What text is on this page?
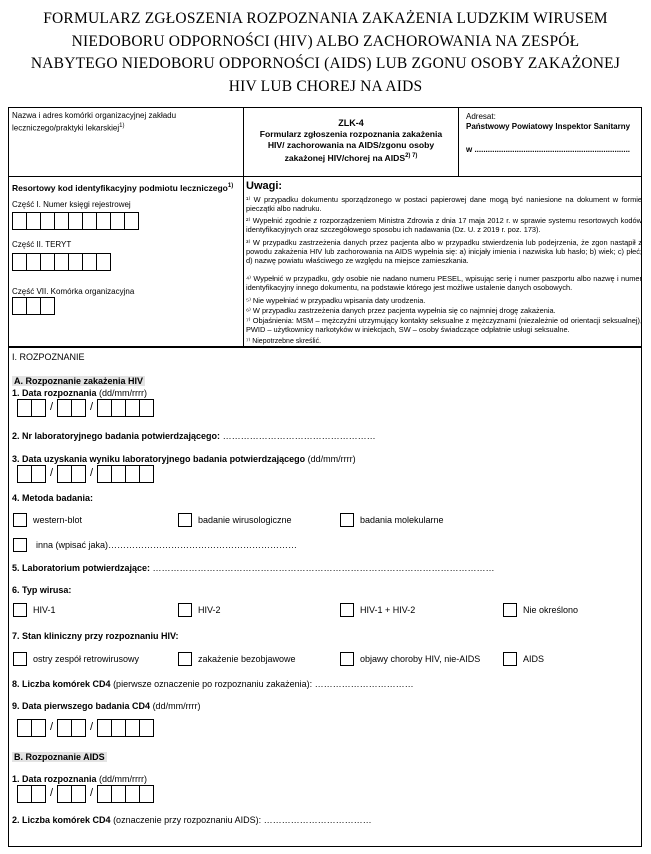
FORMULARZ ZGŁOSZENIA ROZPOZNANIA ZAKAŻENIA LUDZKIM WIRUSEM
NIEDOBORU ODPORNOŚCI (HIV) ALBO ZACHOROWANIA NA ZESPÓŁ
NABYTEGO NIEDOBORU ODPORNOŚCI (AIDS) LUB ZGONU OSOBY ZAKAŻONEJ
HIV LUB CHOREJ NA AIDS
Nazwa i adres komórki organizacyjnej zakładu leczniczego/praktyki lekarskiej$^{1)}$	ZLK-4
Formularz zgłoszenia rozpoznania zakażenia HIV/ zachorowania na AIDS/zgonu osoby zakażonej HIV/chorej na $AIDS^{2) 7)}$
Adresat:
Państwowy Powiatowy Inspektor Sanitarny
w ......................................................................
Resortowy kod identyfikacyjny podmiotu leczniczego$^{1)}$
Część I. Numer księgi rejestrowej
Część II. TERYT
Część VII. Komórka organizacyjna
Uwagi:
¹⁾ W przypadku dokumentu sporządzonego w postaci papierowej dane mogą być naniesione na dokument w formie pieczątki albo nadruku.
²⁾ Wypełnić zgodnie z rozporządzeniem Ministra Zdrowia z dnia 17 maja 2012 r. w sprawie systemu resortowych kodów identyfikacyjnych oraz szczegółowego sposobu ich nadawania (Dz. U. z 2019 r. poz. 173).
³⁾ W przypadku zastrzeżenia danych przez pacjenta albo w przypadku stwierdzenia lub podejrzenia, że zgon nastąpił z powodu zakażenia HIV lub zachorowania na AIDS wypełnia się: a) inicjały imienia i nazwiska lub hasło; b) wiek; c) płeć; d) nazwę powiatu właściwego ze względu na miejsce zamieszkania.
⁴⁾ Wypełnić w przypadku, gdy osobie nie nadano numeru PESEL, wpisując serię i numer paszportu albo nazwę i numer identyfikacyjny innego dokumentu, na podstawie którego jest możliwe ustalenie danych osobowych.
⁵⁾ Nie wypełniać w przypadku wpisania daty urodzenia.
⁶⁾ W przypadku zastrzeżenia danych przez pacjenta wypełnia się co najmniej drogę zakażenia.
⁷⁾ Objaśnienia: MSM – mężczyźni utrzymujący kontakty seksualne z mężczyznami (niezależnie od orientacji seksualnej), PWID – użytkownicy narkotyków w iniekcjach, SW – osoby świadczące odpłatnie usługi seksualne.
⁷⁾ Niepotrzebne skreślić.
I. ROZPOZNANIE
A. Rozpoznanie zakażenia HIV
1. Data rozpoznania (dd/mm/rrrr)
/	/
2. Nr laboratoryjnego badania potwierdzającego: ……………………………………………
3. Data uzyskania wyniku laboratoryjnego badania potwierdzającego (dd/mm/rrrr)
/	/
4. Metoda badania:
western-blot	badanie wirusologiczne	badania molekularne
inna (wpisać jaka)………………………………………………………
5. Laboratorium potwierdzające: ……………………………………………………………………………………………………
6. Typ wirusa:
HIV-1	HIV-2	HIV-1 + HIV-2	Nie określono
7. Stan kliniczny przy rozpoznaniu HIV:
ostry zespół retrowirusowy	zakażenie bezobjawowe	objawy choroby HIV, nie-AIDS	AIDS
8. Liczba komórek CD4 (pierwsze oznaczenie po rozpoznaniu zakażenia): ……………………………
9. Data pierwszego badania CD4 (dd/mm/rrrr)
/	/
B. Rozpoznanie AIDS
1. Data rozpoznania (dd/mm/rrrr)
/	/
2. Liczba komórek CD4 (oznaczenie przy rozpoznaniu AIDS): ………………………………
